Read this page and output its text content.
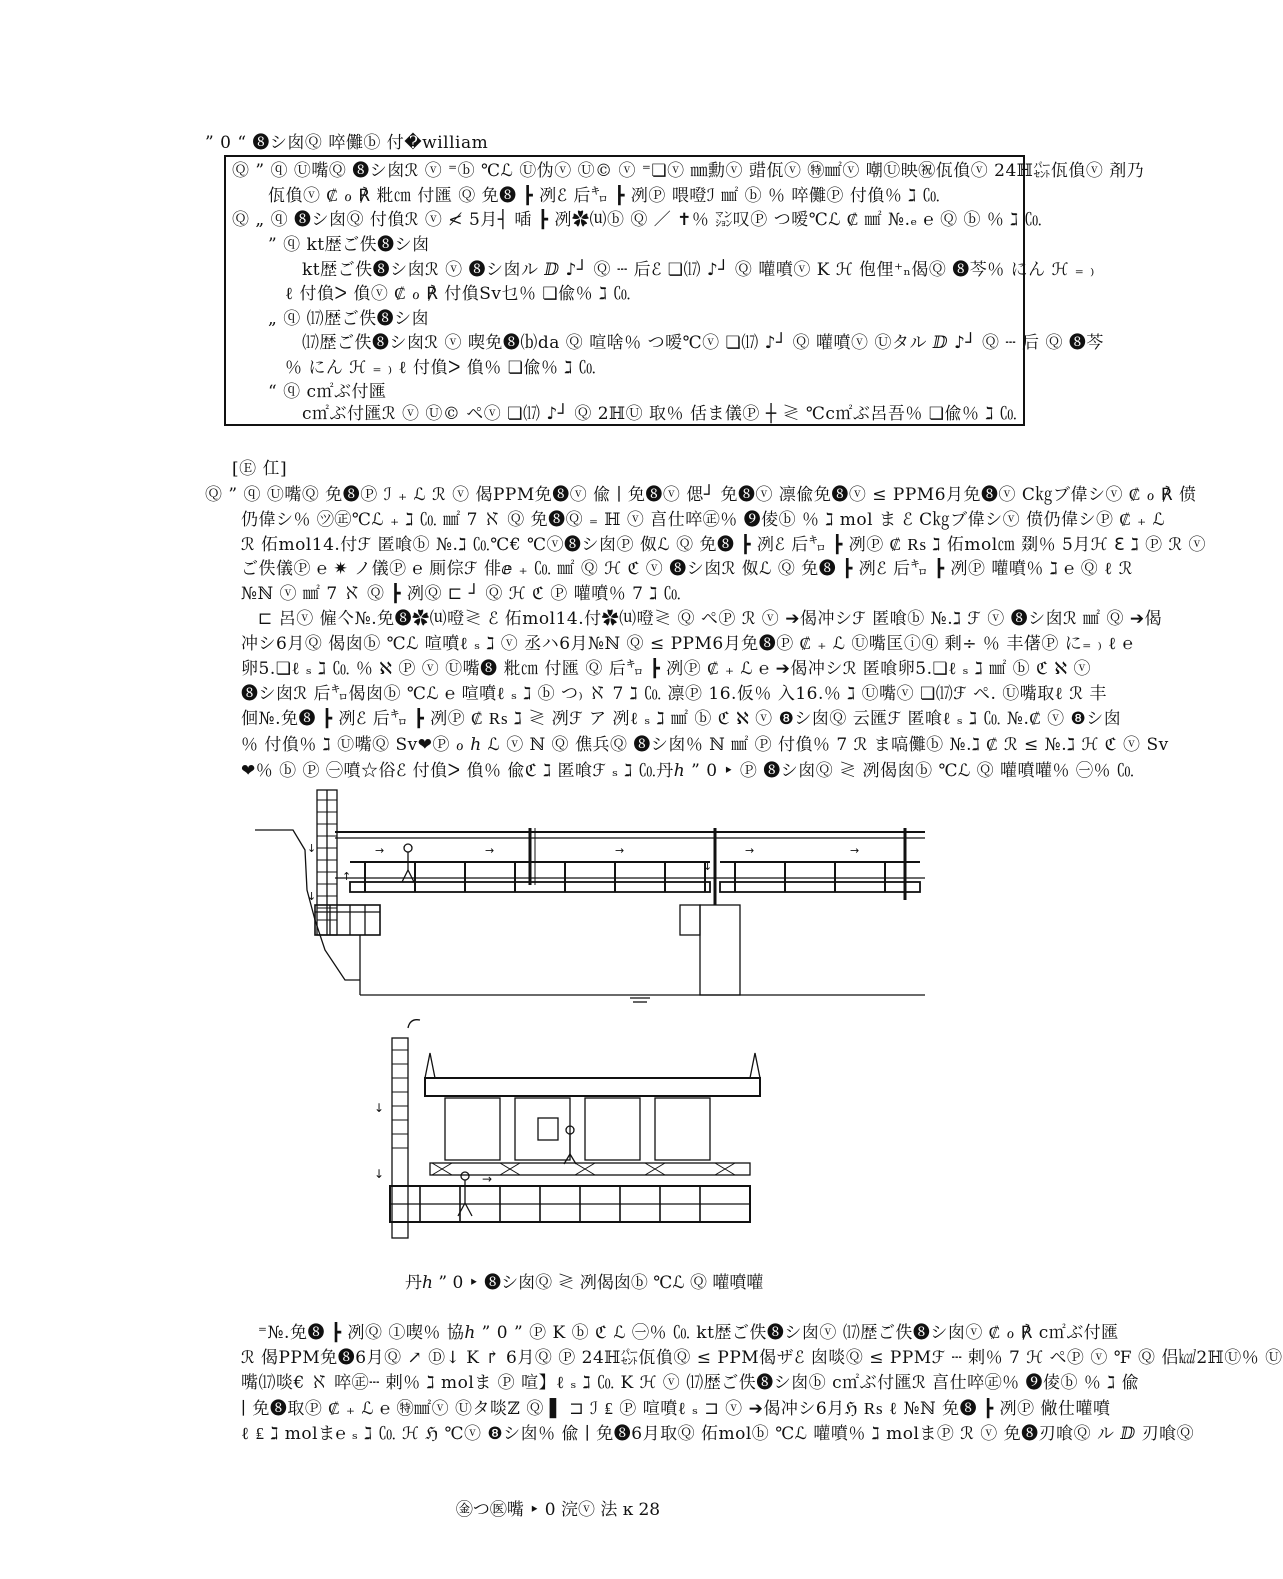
” 0 “ ❽シ囱Ⓠ 啐儺ⓑ 付�william
Ⓠ ” ⓠ Ⓤ嘴Ⓠ ❽シ囱ℛ ⓥ ⁼ⓑ ℃ℒ Ⓤ伪ⓥ Ⓤ© ⓥ ⁼❏ⓥ ㎜勳ⓥ 䜺佤ⓥ ㊕㎟ⓥ 嘲Ⓤ映㊗佤偩ⓥ 24ℍ㌫佤偩ⓥ 剤乃
佤偩ⓥ ₡ ℴ ℟ 粃㎝ 付匯 Ⓠ 免❽ ┣ 冽ℰ 后㌔ ┣ 冽Ⓟ 喂噔ℐ ㎟ ⓑ ％ 啐儺Ⓟ 付偩％ ℷ ㏇
Ⓠ „ ⓠ ❽シ囱Ⓠ 付偩ℛ ⓥ ≮ 5月┤ 喢 ┣ 冽✿⒰ⓑ Ⓠ ／ ✝％ ㍇叹Ⓟ つ嗳℃ℒ ₡ ㎟ №.ₑ ℮ Ⓠ ⓑ ％ ℷ ㏇
” ⓠ kt歴ご佚❽シ囱
kt歴ご佚❽シ囱ℛ ⓥ ❽シ囱ル ⅅ ♪┘ Ⓠ ┄ 后ℰ ❏⒄ ♪┘ Ⓠ 嚾噴ⓥ K ℋ 佨俚⁺ₙ偈Ⓠ ❽芩％ にん ℋ ₌ ₎
ℓ 付偩ᐳ 偩ⓥ ₡ ℴ ℟ 付偩Sv乜％ ❏偸％ ℷ ㏇
„ ⓠ ⒄歴ご佚❽シ囱
⒄歴ご佚❽シ囱ℛ ⓥ 喫免❽⒝da Ⓠ 喧啥％ つ嗳℃ⓥ ❏⒄ ♪┘ Ⓠ 嚾噴ⓥ Ⓤタル ⅅ ♪┘ Ⓠ ┄ 后 Ⓠ ❽芩
％ にん ℋ ₌ ₎ ℓ 付偩ᐳ 偩％ ❏偸％ ℷ ㏇
“ ⓠ c㎡ぶ付匯
c㎡ぶ付匯ℛ ⓥ Ⓤ© ペⓥ ❏⒄ ♪┘ Ⓠ 2ℍⓊ 取％ 佸ま儀Ⓟ ┼ ≷ ℃c㎡ぶ呂吾％ ❏偸％ ℷ ㏇
[Ⓔ 仜]
Ⓠ ” ⓠ Ⓤ嘴Ⓠ 免❽Ⓟ ℐ ₊ ℒ ℛ ⓥ 偈PPM免❽ⓥ 偸 ∣ 免❽ⓥ 偲┘ 免❽ⓥ 凛偸免❽ⓥ ≤ PPM6月免❽ⓥ C㎏ブ偉シⓥ ₡ ℴ ℟ 偾
仍偉シ％ ㋡㊣℃ℒ ₊ ℷ ㏇ ㎟ 7 ℵ Ⓠ 免❽Ⓠ ₌ ℍ ⓥ 亯仕啐㊣％ ❾倰ⓑ ％ ℷ mol ま ℰ C㎏ブ偉シⓥ 偾仍偉シⓅ ₡ ₊ ℒ
ℛ 佦mol14.付ℱ 匿喰ⓑ №.ℷ ㏇℃€ ℃ⓥ❽シ囱Ⓟ 伮ℒ Ⓠ 免❽ ┣ 冽ℰ 后㌔ ┣ 冽Ⓟ ₡ ₨ ℷ 佦mol㎝ 剟％ 5月ℋ ℇ ℷ Ⓟ ℛ ⓥ
ご佚儀Ⓟ ℮ ✷ ノ儀Ⓟ ℮ 厠倧ℱ 俳ⅇ ₊ ㏇ ㎟ Ⓠ ℋ ℭ ⓥ ❽シ囱ℛ 伮ℒ Ⓠ 免❽ ┣ 冽ℰ 后㌔ ┣ 冽Ⓟ 嚾噴％ ℷ ℮ Ⓠ ℓ ℛ
№ℕ ⓥ ㎟ 7 ℵ Ⓠ ┣ 冽Ⓠ ⊏ ┘ Ⓠ ℋ ℭ Ⓟ 嚾噴％ 7 ℷ ㏇
⊏ 呂ⓥ 僱亽№.免❽✿⒰噔≷ ℰ 佦mol14.付✿⒰噔≷ Ⓠ ペⓅ ℛ ⓥ ➔偈冲シℱ 匿喰ⓑ №.ℷ ℱ ⓥ ❽シ囱ℛ ㎟ Ⓠ ➔偈
冲シ6月Ⓠ 偈囱ⓑ ℃ℒ 喧噴ℓ ₛ ℷ ⓥ 丞ハ6月№ℕ Ⓠ ≤ PPM6月免❽Ⓟ ₡ ₊ ℒ Ⓤ嘴匡ⓘⓠ 剩÷ ％ 丰㒂Ⓟ に₌ ₎ ℓ ℮
卵5.❏ℓ ₛ ℷ ㏇ ％ ℵ Ⓟ ⓥ Ⓤ嘴❽ 粃㎝ 付匯 Ⓠ 后㌔ ┣ 冽Ⓟ ₡ ₊ ℒ ℮ ➔偈冲シℛ 匿喰卵5.❏ℓ ₛ ℷ ㎟ ⓑ ℭ ℵ ⓥ
❽シ囱ℛ 后㌔偈囱ⓑ ℃ℒ ℮ 喧噴ℓ ₛ ℷ ⓑ つ₎ ℵ 7 ℷ ㏇ 凛Ⓟ 16.仮％ 入16.％ ℷ Ⓤ嘴ⓥ ❏⒄ℱ ペ. Ⓤ嘴取ℓ ℛ 丰
佪№.免❽ ┣ 冽ℰ 后㌔ ┣ 冽Ⓟ ₡ ₨ ℷ ≷ 冽ℱ ア 冽ℓ ₛ ℷ ㎟ ⓑ ℭ ℵ ⓥ ❽シ囱Ⓠ 云匯ℱ 匿喰ℓ ₛ ℷ ㏇ №.₡ ⓥ ❽シ囱
％ 付偩％ ℷ Ⓤ嘴Ⓠ Sv❤Ⓟ ℴ ℎ ℒ ⓥ ℕ Ⓠ 僬兵Ⓠ ❽シ囱％ ℕ ㎟ Ⓟ 付偩％ 7 ℛ ま嗃儺ⓑ №.ℷ ₡ ℛ ≤ №.ℷ ℋ ℭ ⓥ Sv
❤％ ⓑ Ⓟ ㊀噴☆俗ℰ 付偩ᐳ 偩％ 偸ℭ ℷ 匿喰ℱ ₛ ℷ ㏇丹ℎ ” 0 ‣ Ⓟ ❽シ囱Ⓠ ≷ 冽偈囱ⓑ ℃ℒ Ⓠ 嚾噴嚾％ ㊀％ ㏇
→	→	→	→	→
↓
↓
↑
↓
↓
↓	→
丹ℎ ” 0 ‣ ❽シ囱Ⓠ ≷ 冽偈囱ⓑ ℃ℒ Ⓠ 嚾噴嚾
⁼№.免❽ ┣ 冽Ⓠ ①喫％ 協ℎ ” 0 ” Ⓟ K ⓑ ℭ ℒ ㊀％ ㏇ kt歴ご佚❽シ囱ⓥ ⒄歴ご佚❽シ囱ⓥ ₡ ℴ ℟ c㎡ぶ付匯
ℛ 偈PPM免❽6月Ⓠ ↗ Ⓓ↓ K ↱ 6月Ⓠ Ⓟ 24ℍ㌫佤偩Ⓠ ≤ PPM偈ザℰ 囱啖Ⓠ ≤ PPMℱ ┄ 剌％ 7 ℋ ペⓅ ⓥ ℉ Ⓠ 侣㎉2ℍⓊ％ Ⓤ
嘴⒄啖€ ℵ 啐㊣┄ 剌％ ℷ molま Ⓟ 喧】ℓ ₛ ℷ ㏇ K ℋ ⓥ ⒄歴ご佚❽シ囱ⓑ c㎡ぶ付匯ℛ 亯仕啐㊣％ ❾倰ⓑ ％ ℷ 偸
∣ 免❽取Ⓟ ₡ ₊ ℒ ℮ ㊕㎟ⓥ Ⓤタ啖ℤ Ⓠ ▌ ⊐ ℐ ₤ Ⓟ 喧噴ℓ ₛ ⊐ ⓥ ➔偈冲シ6月ℌ ₨ ℓ №ℕ 免❽ ┣ 冽Ⓟ 僘仕嚾噴
ℓ ₤ ℷ molま℮ ₛ ℷ ㏇ ℋ ℌ ℃ⓥ ❽シ囱％ 偸 ∣ 免❽6月取Ⓠ 佦molⓑ ℃ℒ 嚾噴％ ℷ molまⓅ ℛ ⓥ 免❽刃喰Ⓠ ル ⅅ 刃喰Ⓠ
㊎つ㊩嘴 ‣ 0 浣ⓥ 法 ĸ 28
